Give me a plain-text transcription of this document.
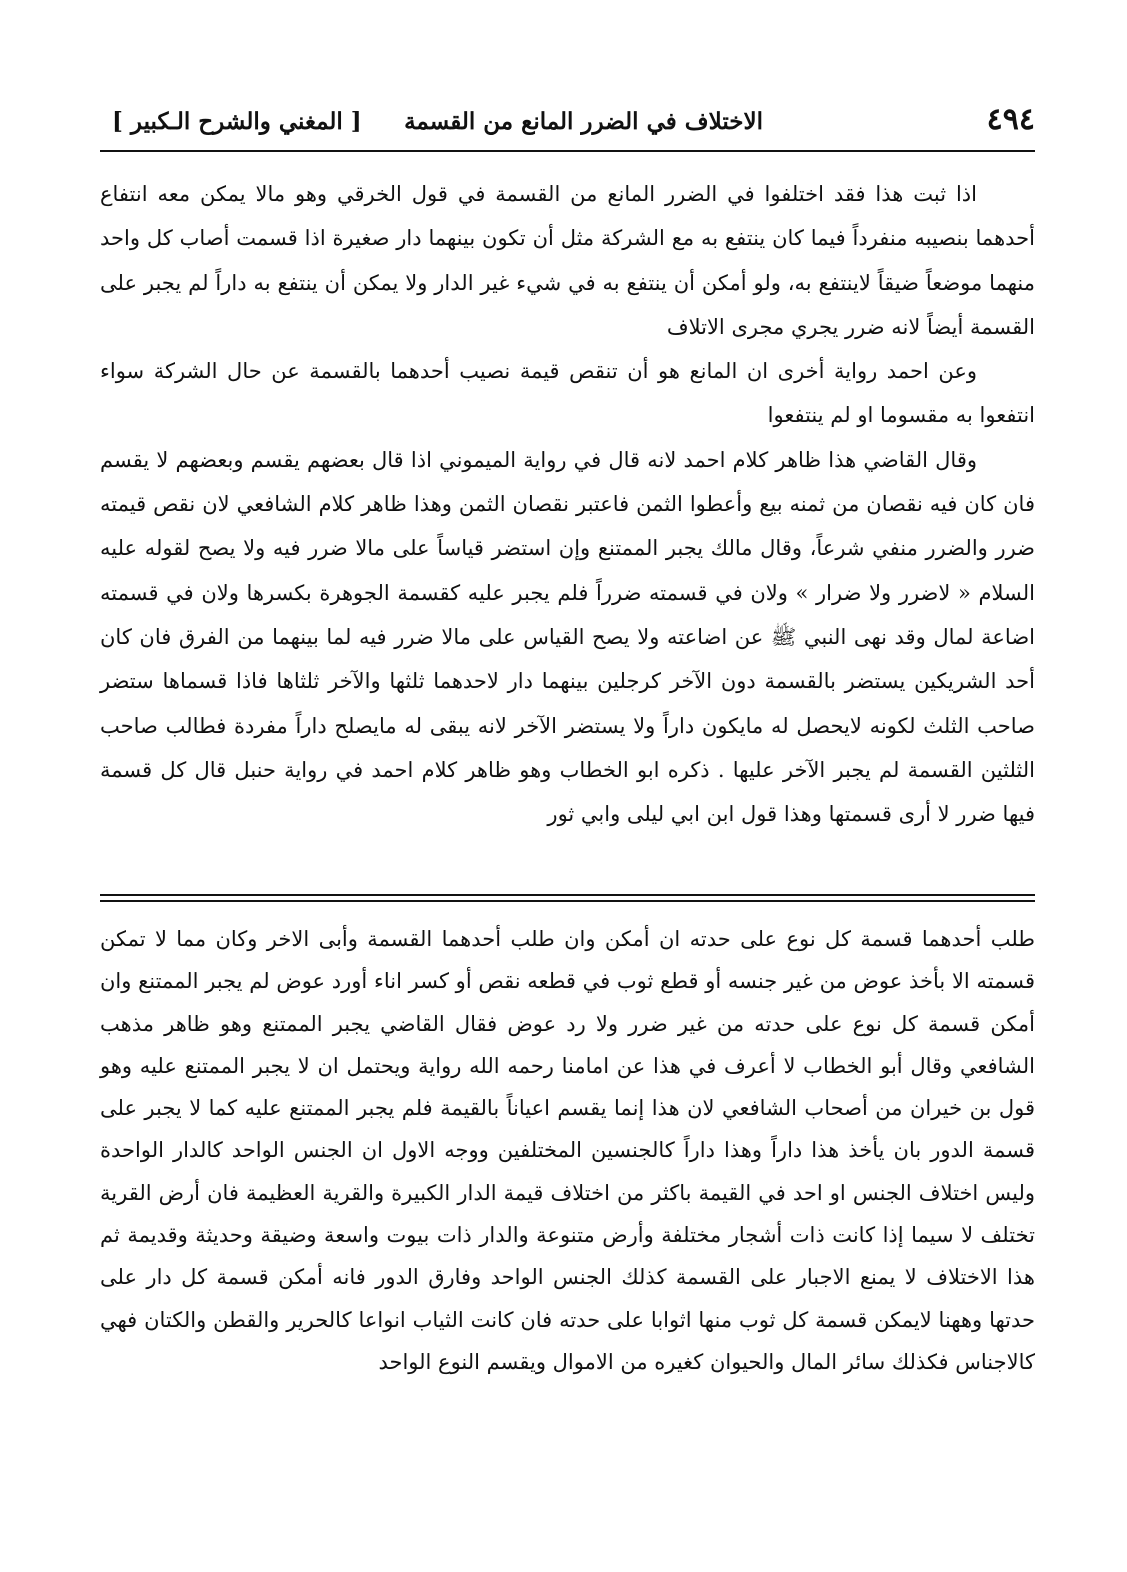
٤٩٤
الاختلاف في الضرر المانع من القسمة
[ المغني والشرح الـكبير ]

اذا ثبت هذا فقد اختلفوا في الضرر المانع من القسمة في قول الخرقي وهو مالا يمكن معه انتفاع أحدهما بنصيبه منفرداً فيما كان ينتفع به مع الشركة مثل أن تكون بينهما دار صغيرة اذا قسمت أصاب كل واحد منهما موضعاً ضيقاً لاينتفع به، ولو أمكن أن ينتفع به في شيء غير الدار ولا يمكن أن ينتفع به داراً لم يجبر على القسمة أيضاً لانه ضرر يجري مجرى الاتلاف

وعن احمد رواية أخرى ان المانع هو أن تنقص قيمة نصيب أحدهما بالقسمة عن حال الشركة سواء انتفعوا به مقسوما او لم ينتفعوا

وقال القاضي هذا ظاهر كلام احمد لانه قال في رواية الميموني اذا قال بعضهم يقسم وبعضهم لا يقسم فان كان فيه نقصان من ثمنه بيع وأعطوا الثمن فاعتبر نقصان الثمن وهذا ظاهر كلام الشافعي لان نقص قيمته ضرر والضرر منفي شرعاً، وقال مالك يجبر الممتنع وإن استضر قياساً على مالا ضرر فيه ولا يصح لقوله عليه السلام « لاضرر ولا ضرار » ولان في قسمته ضرراً فلم يجبر عليه كقسمة الجوهرة بكسرها ولان في قسمته اضاعة لمال وقد نهى النبي ﷺ عن اضاعته ولا يصح القياس على مالا ضرر فيه لما بينهما من الفرق فان كان أحد الشريكين يستضر بالقسمة دون الآخر كرجلين بينهما دار لاحدهما ثلثها والآخر ثلثاها فاذا قسماها ستضر صاحب الثلث لكونه لايحصل له مايكون داراً ولا يستضر الآخر لانه يبقى له مايصلح داراً مفردة فطالب صاحب الثلثين القسمة لم يجبر الآخر عليها . ذكره ابو الخطاب وهو ظاهر كلام احمد في رواية حنبل قال كل قسمة فيها ضرر لا أرى قسمتها وهذا قول ابن ابي ليلى وابي ثور

طلب أحدهما قسمة كل نوع على حدته ان أمكن وان طلب أحدهما القسمة وأبى الاخر وكان مما لا تمكن قسمته الا بأخذ عوض من غير جنسه أو قطع ثوب في قطعه نقص أو كسر اناء أورد عوض لم يجبر الممتنع وان أمكن قسمة كل نوع على حدته من غير ضرر ولا رد عوض فقال القاضي يجبر الممتنع وهو ظاهر مذهب الشافعي وقال أبو الخطاب لا أعرف في هذا عن امامنا رحمه الله رواية ويحتمل ان لا يجبر الممتنع عليه وهو قول بن خيران من أصحاب الشافعي لان هذا إنما يقسم اعياناً بالقيمة فلم يجبر الممتنع عليه كما لا يجبر على قسمة الدور بان يأخذ هذا داراً وهذا داراً كالجنسين المختلفين ووجه الاول ان الجنس الواحد كالدار الواحدة وليس اختلاف الجنس او احد في القيمة باكثر من اختلاف قيمة الدار الكبيرة والقرية العظيمة فان أرض القرية تختلف لا سيما إذا كانت ذات أشجار مختلفة وأرض متنوعة والدار ذات بيوت واسعة وضيقة وحديثة وقديمة ثم هذا الاختلاف لا يمنع الاجبار على القسمة كذلك الجنس الواحد وفارق الدور فانه أمكن قسمة كل دار على حدتها وههنا لايمكن قسمة كل ثوب منها اثوابا على حدته فان كانت الثياب انواعا كالحرير والقطن والكتان فهي كالاجناس فكذلك سائر المال والحيوان كغيره من الاموال ويقسم النوع الواحد
